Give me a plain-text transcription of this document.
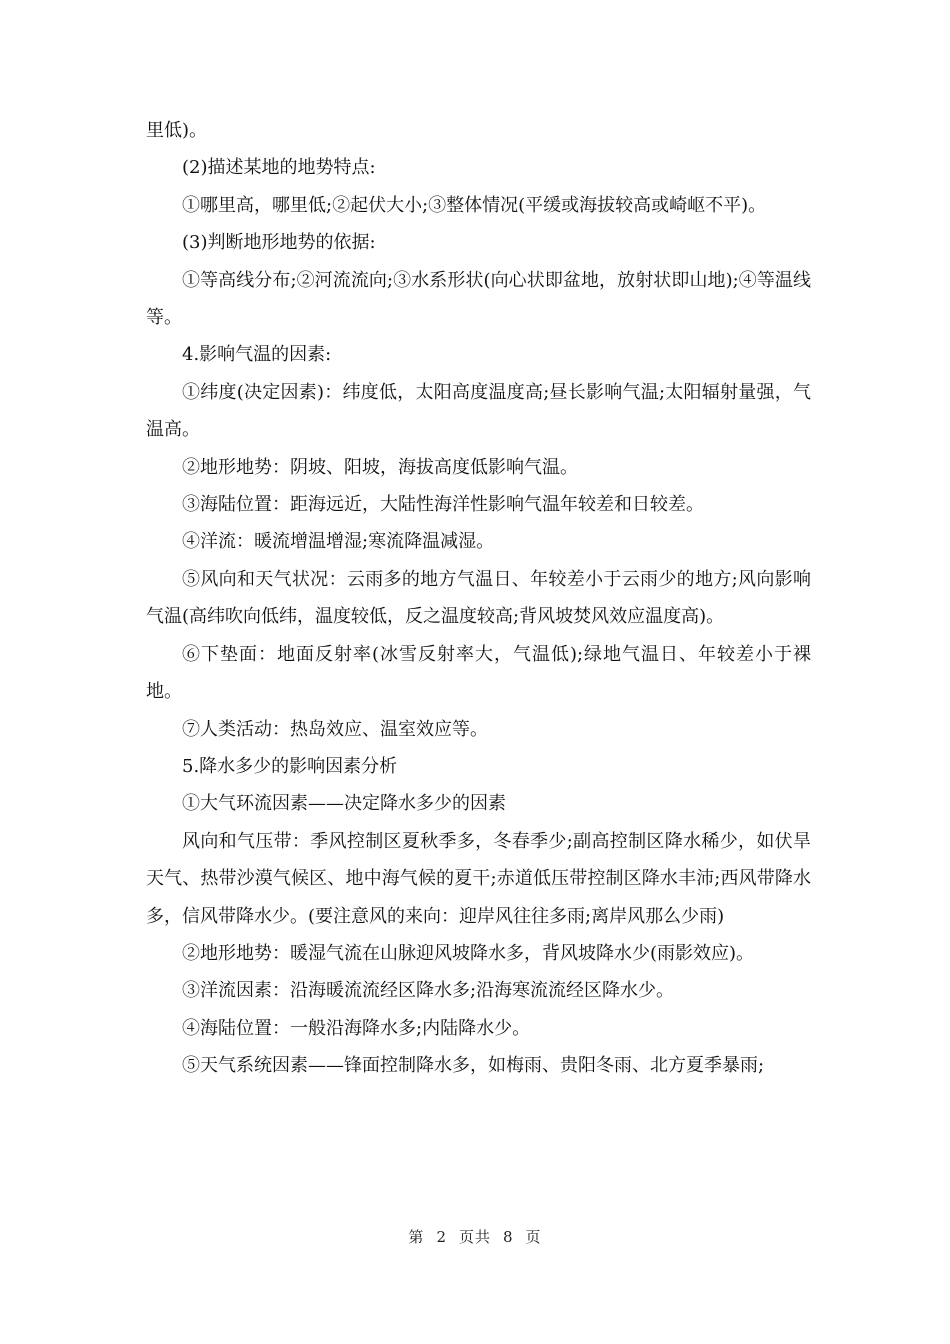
里低)。

(2)描述某地的地势特点:

①哪里高，哪里低;②起伏大小;③整体情况(平缓或海拔较高或崎岖不平)。

(3)判断地形地势的依据:

①等高线分布;②河流流向;③水系形状(向心状即盆地，放射状即山地);④等温线等。

4.影响气温的因素:

①纬度(决定因素)：纬度低，太阳高度温度高;昼长影响气温;太阳辐射量强，气温高。

②地形地势：阴坡、阳坡，海拔高度低影响气温。

③海陆位置：距海远近，大陆性海洋性影响气温年较差和日较差。

④洋流：暖流增温增湿;寒流降温减湿。

⑤风向和天气状况：云雨多的地方气温日、年较差小于云雨少的地方;风向影响气温(高纬吹向低纬，温度较低，反之温度较高;背风坡焚风效应温度高)。

⑥下垫面：地面反射率(冰雪反射率大，气温低);绿地气温日、年较差小于裸地。

⑦人类活动：热岛效应、温室效应等。

5.降水多少的影响因素分析

①大气环流因素——决定降水多少的因素

风向和气压带：季风控制区夏秋季多，冬春季少;副高控制区降水稀少，如伏旱天气、热带沙漠气候区、地中海气候的夏干;赤道低压带控制区降水丰沛;西风带降水多，信风带降水少。(要注意风的来向：迎岸风往往多雨;离岸风那么少雨)

②地形地势：暖湿气流在山脉迎风坡降水多，背风坡降水少(雨影效应)。

③洋流因素：沿海暖流流经区降水多;沿海寒流流经区降水少。

④海陆位置：一般沿海降水多;内陆降水少。

⑤天气系统因素——锋面控制降水多，如梅雨、贵阳冬雨、北方夏季暴雨;

第 2 页共 8 页
